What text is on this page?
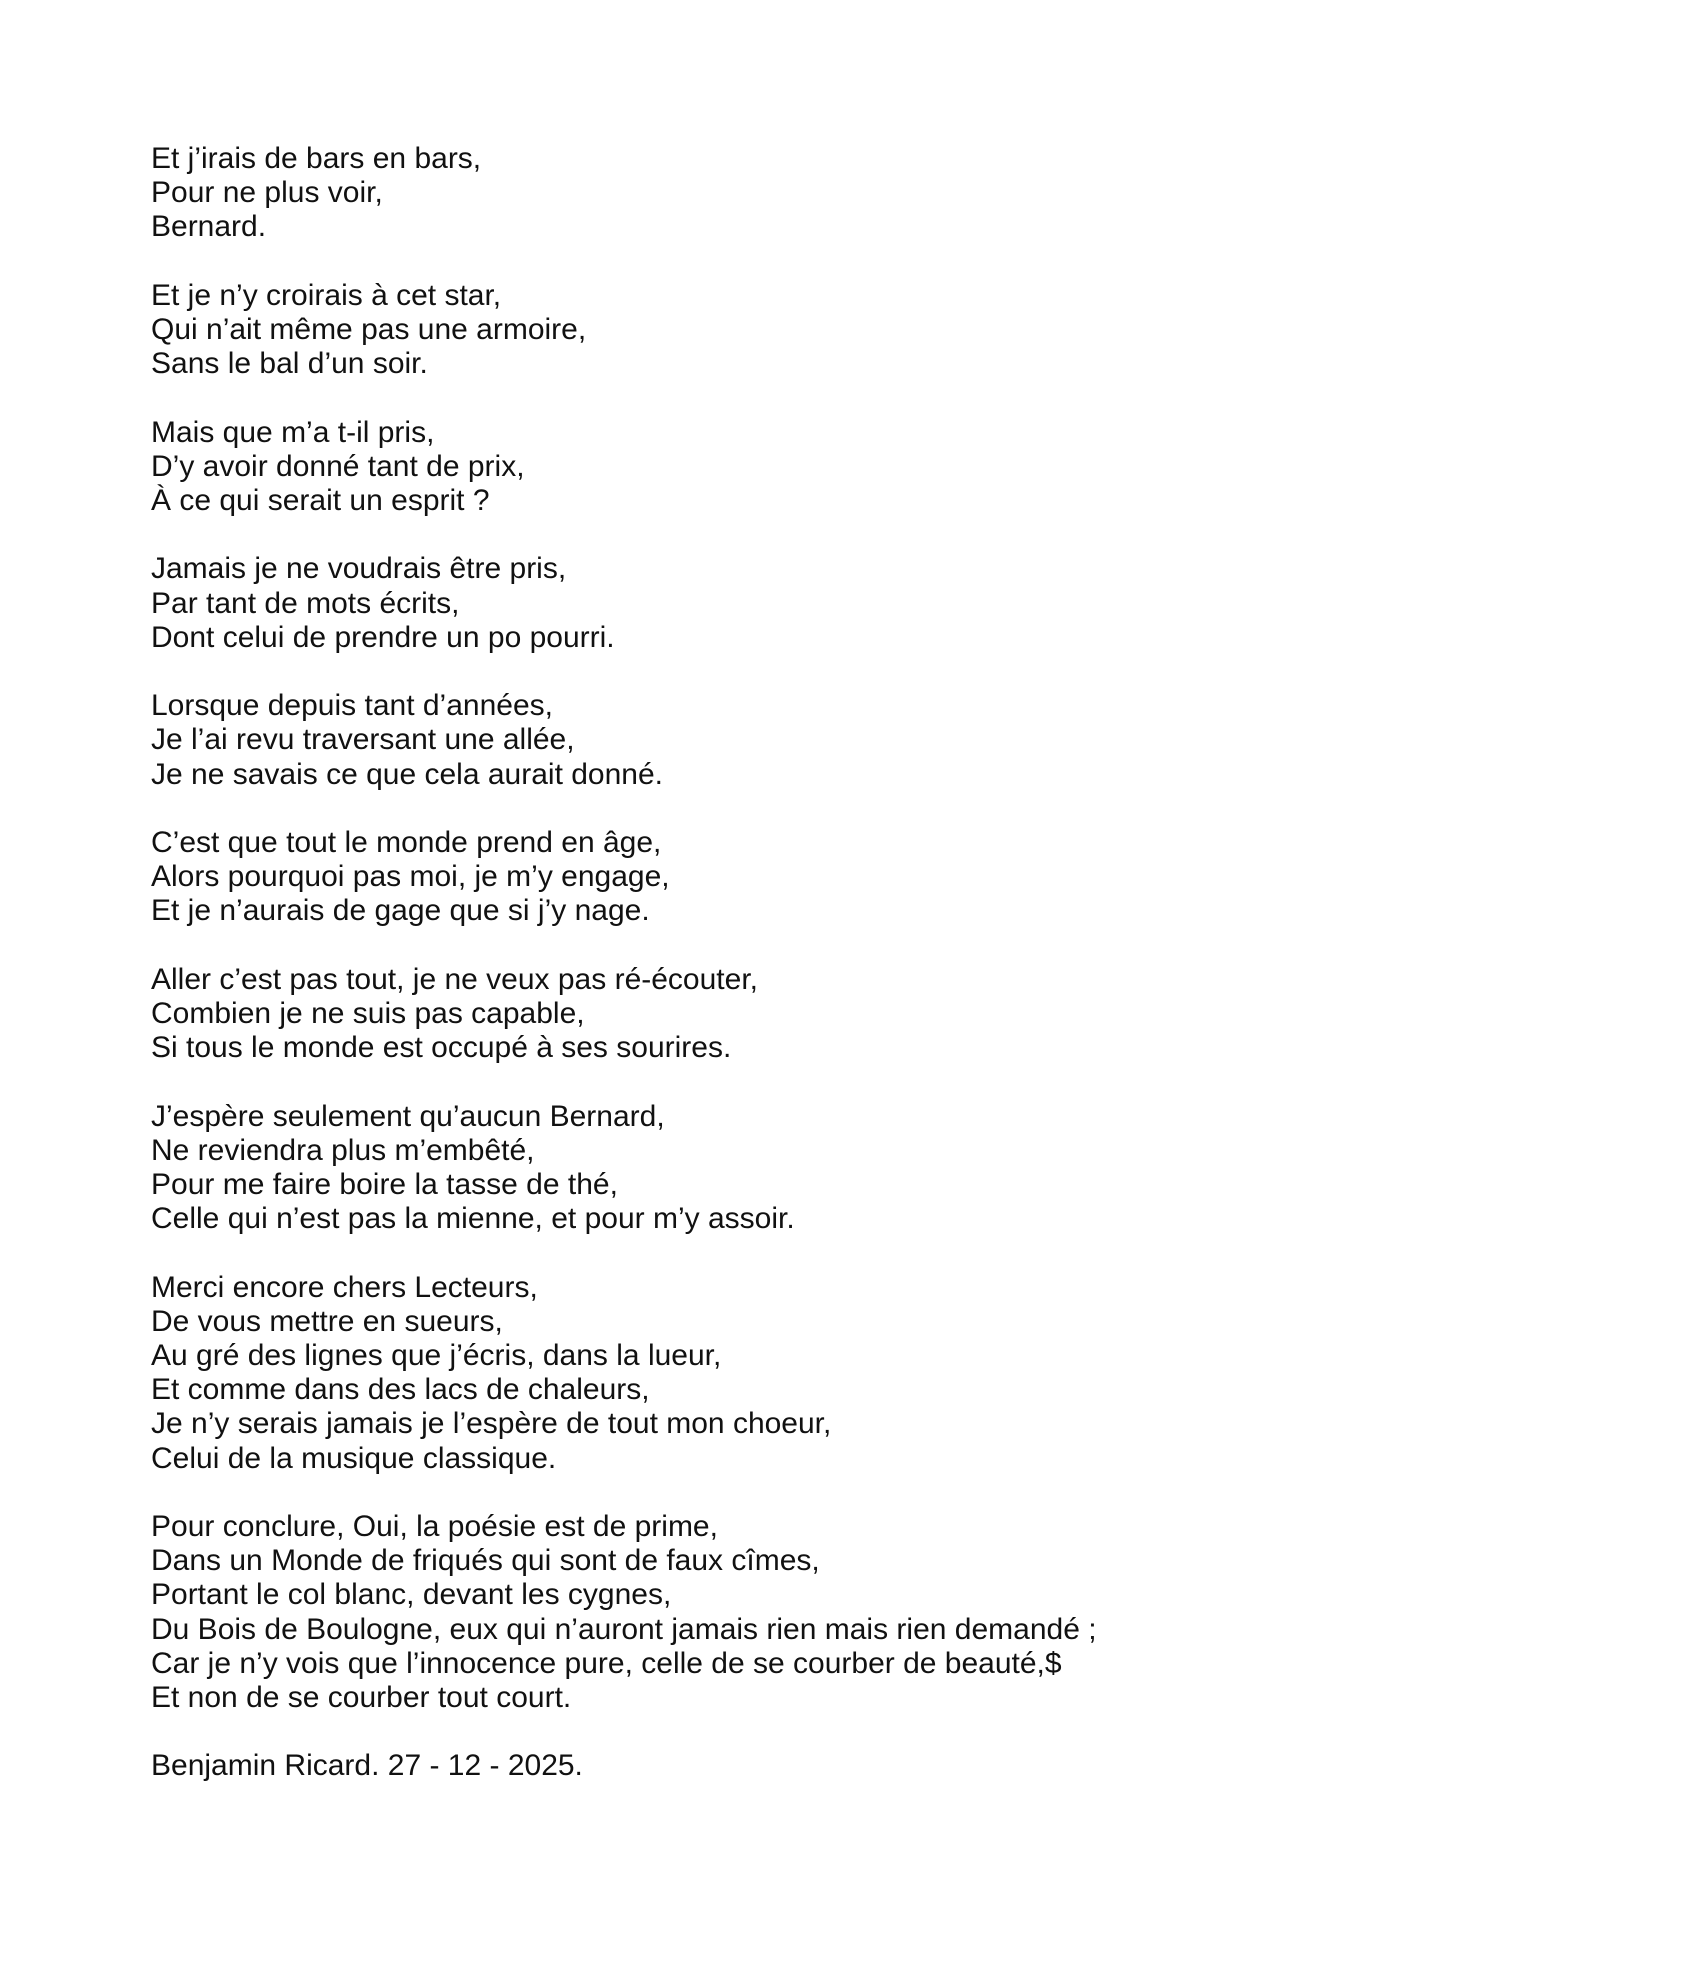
Et j’irais de bars en bars,
Pour ne plus voir,
Bernard.

Et je n’y croirais à cet star,
Qui n’ait même pas une armoire,
Sans le bal d’un soir.

Mais que m’a t-il pris,
D’y avoir donné tant de prix,
À ce qui serait un esprit ?

Jamais je ne voudrais être pris,
Par tant de mots écrits,
Dont celui de prendre un po pourri.

Lorsque depuis tant d’années,
Je l’ai revu traversant une allée,
Je ne savais ce que cela aurait donné.

C’est que tout le monde prend en âge,
Alors pourquoi pas moi, je m’y engage,
Et je n’aurais de gage que si j’y nage.

Aller c’est pas tout, je ne veux pas ré-écouter,
Combien je ne suis pas capable,
Si tous le monde est occupé à ses sourires.

J’espère seulement qu’aucun Bernard,
Ne reviendra plus m’embêté,
Pour me faire boire la tasse de thé,
Celle qui n’est pas la mienne, et pour m’y assoir.

Merci encore chers Lecteurs,
De vous mettre en sueurs,
Au gré des lignes que j’écris, dans la lueur,
Et comme dans des lacs de chaleurs,
Je n’y serais jamais je l’espère de tout mon choeur,
Celui de la musique classique.

Pour conclure, Oui, la poésie est de prime,
Dans un Monde de friqués qui sont de faux cîmes,
Portant le col blanc, devant les cygnes,
Du Bois de Boulogne, eux qui n’auront jamais rien mais rien demandé ;
Car je n’y vois que l’innocence pure, celle de se courber de beauté,$
Et non de se courber tout court.

Benjamin Ricard. 27 - 12 - 2025.
